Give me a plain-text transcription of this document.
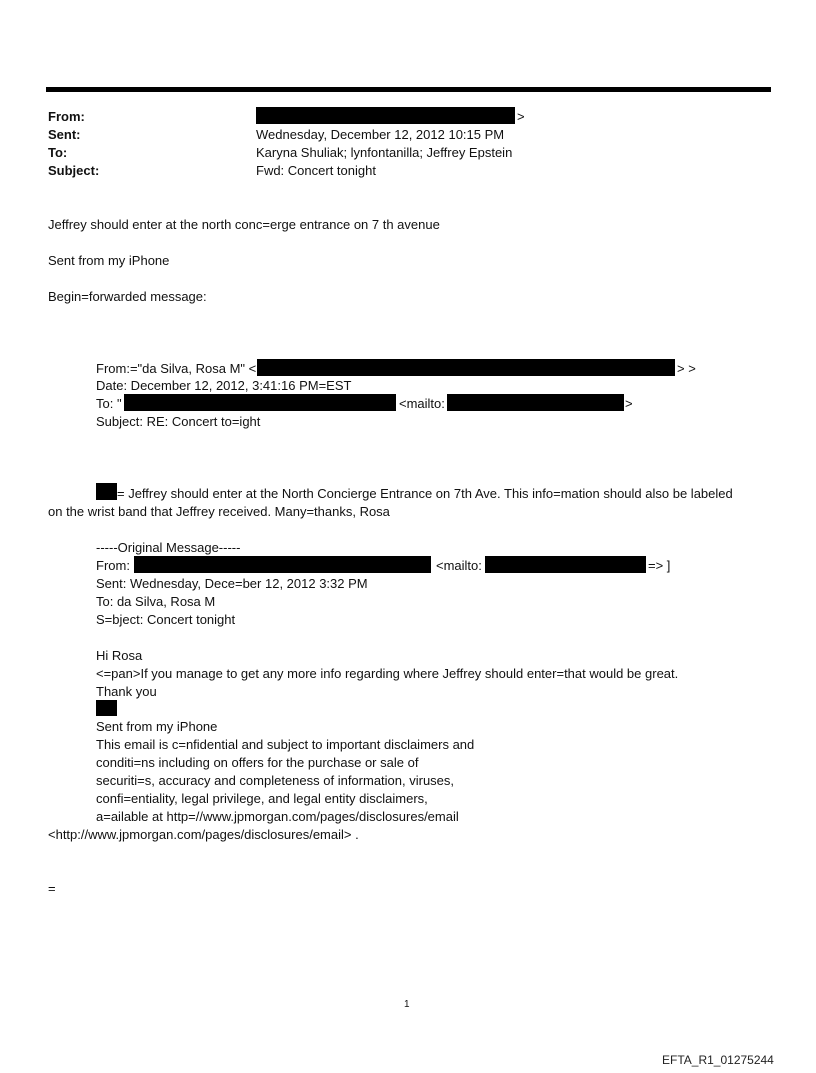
From:	>
Sent:	Wednesday, December 12, 2012 10:15 PM
To:	Karyna Shuliak; lynfontanilla; Jeffrey Epstein
Subject:	Fwd: Concert tonight
Jeffrey should enter at the north conc=erge entrance on 7 th avenue
Sent from my iPhone
Begin=forwarded message:
From:="da Silva, Rosa M" <	> >
Date: December 12, 2012, 3:41:16 PM=EST
To: "	<mailto:	>
Subject: RE: Concert to=ight
= Jeffrey should enter at the North Concierge Entrance on 7th Ave. This info=mation should also be labeled
on the wrist band that Jeffrey received. Many=thanks, Rosa
-----Original Message-----
From:	<mailto:	=> ]
Sent: Wednesday, Dece=ber 12, 2012 3:32 PM
To: da Silva, Rosa M
S=bject: Concert tonight
Hi Rosa
<=pan>If you manage to get any more info regarding where Jeffrey should enter=that would be great.
Thank you
Sent from my iPhone
This email is c=nfidential and subject to important disclaimers and
conditi=ns including on offers for the purchase or sale of
securiti=s, accuracy and completeness of information, viruses,
confi=entiality, legal privilege, and legal entity disclaimers,
a=ailable at http=//www.jpmorgan.com/pages/disclosures/email
<http://www.jpmorgan.com/pages/disclosures/email> .
=
1
EFTA_R1_01275244
